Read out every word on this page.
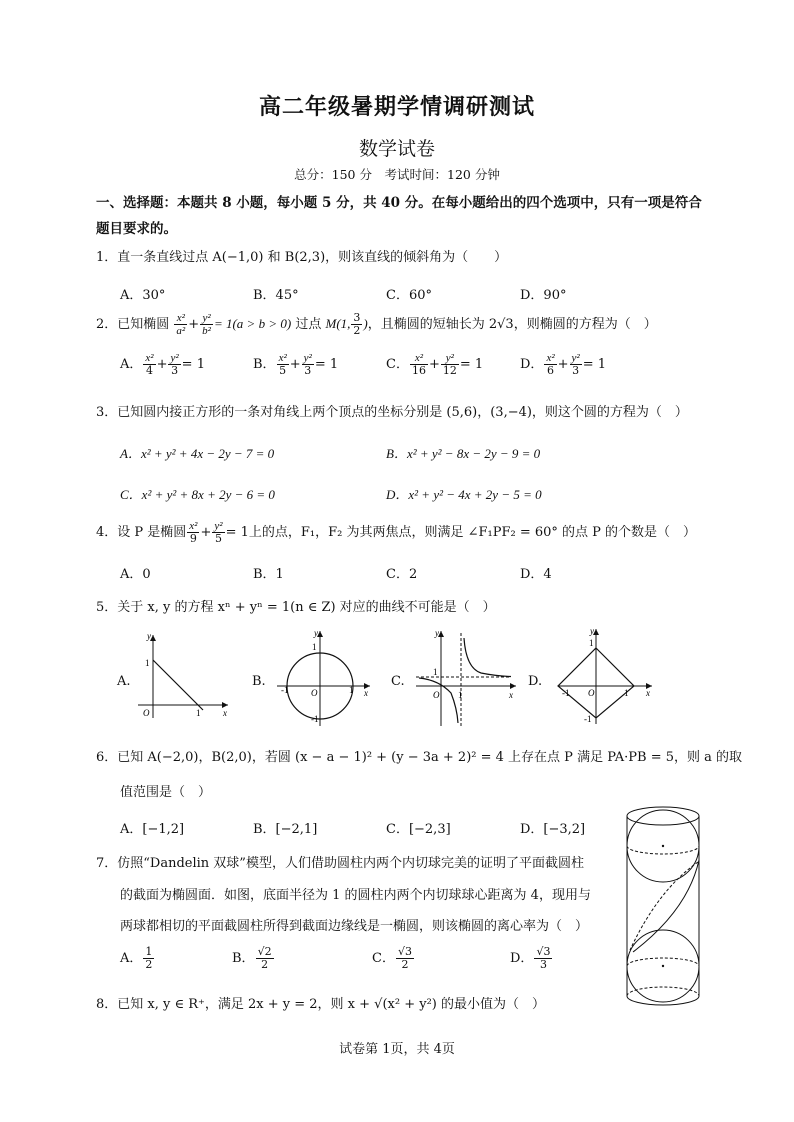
高二年级暑期学情调研测试
数学试卷
总分：150 分　考试时间：120 分钟
一、选择题：本题共 8 小题，每小题 5 分，共 40 分。在每小题给出的四个选项中，只有一项是符合
题目要求的。
1．直一条直线过点 A(−1,0) 和 B(2,3)，则该直线的倾斜角为（　　）
A．30°	B．45°	C．60°	D．90°
2．已知椭圆 $\frac{\text{x²}}{\text{a²}} + \frac{\text{y²}}{\text{b²}} = 1(a > b > 0)$ 过点 M(1, $\frac{3}{2}$ )，且椭圆的短轴长为 2√3，则椭圆的方程为（　）
A． $\frac{\text{x²}}{4} + \frac{\text{y²}}{3} = 1$	B． $\frac{\text{x²}}{5} + \frac{\text{y²}}{3} = 1$	C． $\frac{\text{x²}}{16} + \frac{\text{y²}}{12} = 1$	D． $\frac{\text{x²}}{6} + \frac{\text{y²}}{3} = 1$
3．已知圆内接正方形的一条对角线上两个顶点的坐标分别是 (5,6)，(3,−4)，则这个圆的方程为（　）
A．x² + y² + 4x − 2y − 7 = 0	B．x² + y² − 8x − 2y − 9 = 0
C．x² + y² + 8x + 2y − 6 = 0	D．x² + y² − 4x + 2y − 5 = 0
4．设 P 是椭圆 $\frac{\text{x²}}{9} + \frac{\text{y²}}{5} = 1$上的点，F₁，F₂ 为其两焦点，则满足 ∠F₁PF₂ = 60° 的点 P 的个数是（　）
A．0	B．1	C．2	D．4
5．关于 x, y 的方程 xⁿ + yⁿ = 1(n ∈ Z) 对应的曲线不可能是（　）
A.	B.	C.	D.
y
x
1
O	1
y
x
1
-1	O	1
-1
y
x
1
O 1
y
x
1
-1 O	1
-1
6．已知 A(−2,0)，B(2,0)，若圆 (x − a − 1)² + (y − 3a + 2)² = 4 上存在点 P 满足 PA·PB = 5，则 a 的取
值范围是（　）
A．[−1,2]	B．[−2,1]	C．[−2,3]	D．[−3,2]
7．仿照“Dandelin 双球”模型，人们借助圆柱内两个内切球完美的证明了平面截圆柱
的截面为椭圆面．如图，底面半径为 1 的圆柱内两个内切球球心距离为 4，现用与
两球都相切的平面截圆柱所得到截面边缘线是一椭圆，则该椭圆的离心率为（　）
A． $\frac{1}{2}$	B． $\frac{√2}{2}$	C． $\frac{√3}{2}$	D． $\frac{√3}{3}$
8．已知 x, y ∈ R⁺，满足 2x + y = 2，则 x + √(x² + y²) 的最小值为（　）
试卷第 1页，共 4页
